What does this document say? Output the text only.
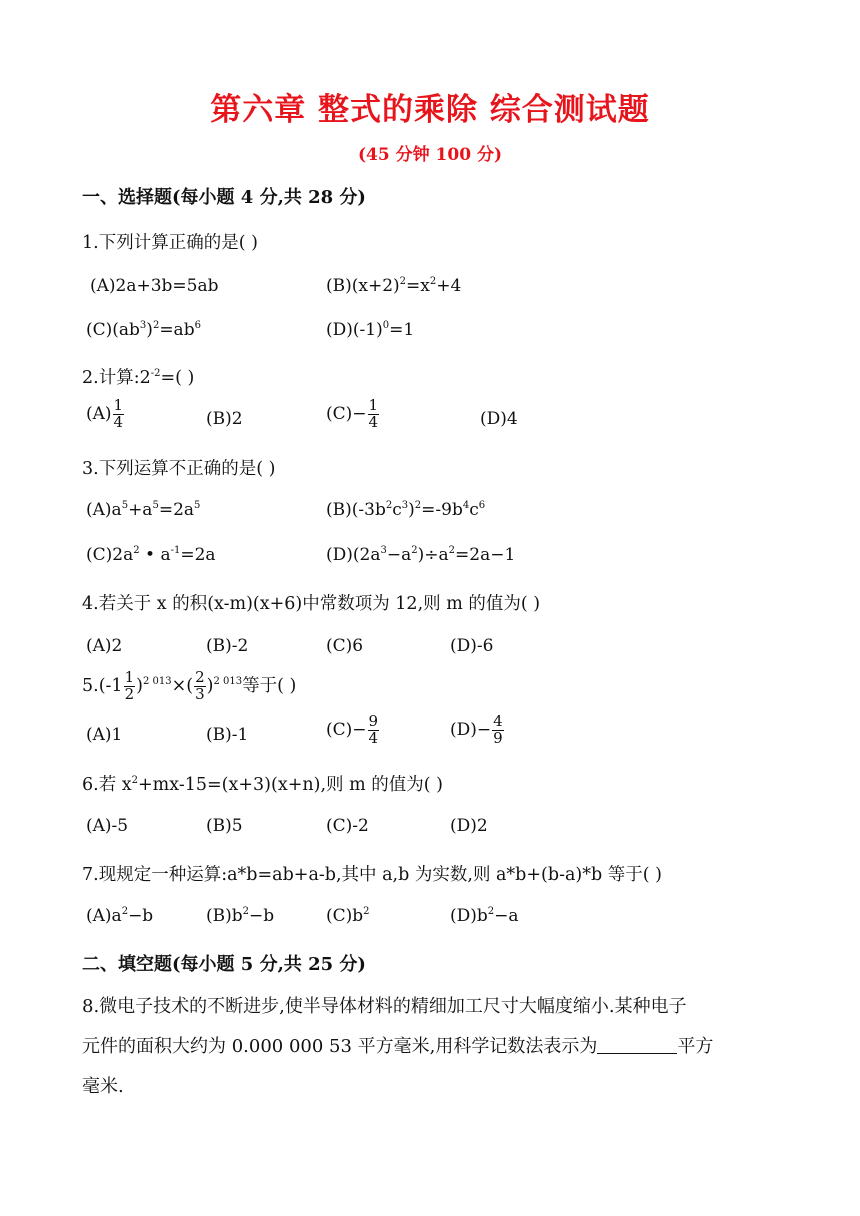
第六章 整式的乘除 综合测试题
(45 分钟 100 分)
一、选择题(每小题 4 分,共 28 分)
1.下列计算正确的是( )
(A)2a+3b=5ab	$(B)(x+2)^2=x^2+4$
$(C)(ab^3)^2=ab^6$	$(D)(-1)^0=1$
2.计算$:2^{-2}=$( )
$(A) \frac{1}{4}$	(B)2	$(C)- \frac{1}{4}$	(D)4
3.下列运算不正确的是( )
$(A)a^5+a^5=2a^5$	$(B)(-3b^2c^3)^2=-9b^4c^6$
$(C)2a^2$ • $a^{-1}=2a$	$(D)(2a^3-a^2)\div a^2=2a-1$
4.若关于 x 的积(x-m)(x+6)中常数项为 12,则 m 的值为( )
(A)2	(B)-2	(C)6	(D)-6
$5.(-1 \frac{1}{2} )^{2 013}\times( \frac{2}{3} )^{2 013}$等于( )
(A)1	(B)-1	$(C)- \frac{9}{4}$	$(D)- \frac{4}{9}$
6.若 $x^2+mx-15=(x+3)(x+n)$,则 m 的值为( )
(A)-5	(B)5	(C)-2	(D)2
7.现规定一种运算:a*b=ab+a-b,其中 a,b 为实数,则 a*b+(b-a)*b 等于( )
$(A)a^2-b$	$(B)b^2-b$	$(C)b^2$	$(D)b^2-a$
二、填空题(每小题 5 分,共 25 分)
8.微电子技术的不断进步,使半导体材料的精细加工尺寸大幅度缩小.某种电子
元件的面积大约为 0.000 000 53 平方毫米,用科学记数法表示为	平方
毫米.
